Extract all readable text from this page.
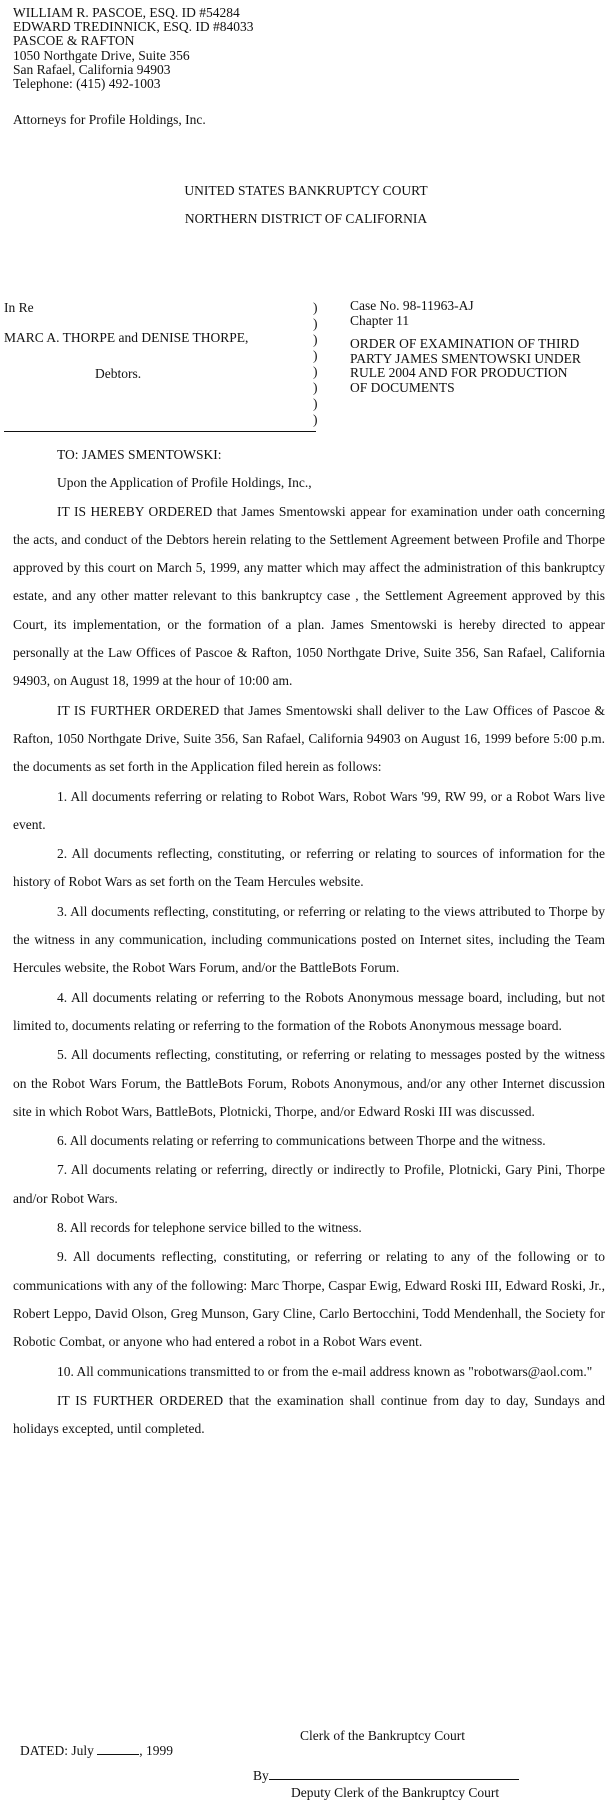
WILLIAM R. PASCOE, ESQ. ID #54284
EDWARD TREDINNICK, ESQ. ID #84033
PASCOE & RAFTON
1050 Northgate Drive, Suite 356
San Rafael, California 94903
Telephone: (415) 492-1003
Attorneys for Profile Holdings, Inc.
UNITED STATES BANKRUPTCY COURT
NORTHERN DISTRICT OF CALIFORNIA
In Re
MARC A. THORPE and DENISE THORPE,
Debtors.
)
)
)
)
)
)
)
)
Case No. 98-11963-AJ
Chapter 11
ORDER OF EXAMINATION OF THIRD
PARTY JAMES SMENTOWSKI UNDER
RULE 2004 AND FOR PRODUCTION
OF DOCUMENTS

TO: JAMES SMENTOWSKI:

Upon the Application of Profile Holdings, Inc.,

IT IS HEREBY ORDERED that James Smentowski appear for examination under oath concerning the acts, and conduct of the Debtors herein relating to the Settlement Agreement between Profile and Thorpe approved by this court on March 5, 1999, any matter which may affect the administration of this bankruptcy estate, and any other matter relevant to this bankruptcy case , the Settlement Agreement approved by this Court, its implementation, or the formation of a plan. James Smentowski is hereby directed to appear personally at the Law Offices of Pascoe & Rafton, 1050 Northgate Drive, Suite 356, San Rafael, California 94903, on August 18, 1999 at the hour of 10:00 am.

IT IS FURTHER ORDERED that James Smentowski shall deliver to the Law Offices of Pascoe & Rafton, 1050 Northgate Drive, Suite 356, San Rafael, California 94903 on August 16, 1999 before 5:00 p.m. the documents as set forth in the Application filed herein as follows:

1. All documents referring or relating to Robot Wars, Robot Wars '99, RW 99, or a Robot Wars live event.

2. All documents reflecting, constituting, or referring or relating to sources of information for the history of Robot Wars as set forth on the Team Hercules website.

3. All documents reflecting, constituting, or referring or relating to the views attributed to Thorpe by the witness in any communication, including communications posted on Internet sites, including the Team Hercules website, the Robot Wars Forum, and/or the BattleBots Forum.

4. All documents relating or referring to the Robots Anonymous message board, including, but not limited to, documents relating or referring to the formation of the Robots Anonymous message board.

5. All documents reflecting, constituting, or referring or relating to messages posted by the witness on the Robot Wars Forum, the BattleBots Forum, Robots Anonymous, and/or any other Internet discussion site in which Robot Wars, BattleBots, Plotnicki, Thorpe, and/or Edward Roski III was discussed.

6. All documents relating or referring to communications between Thorpe and the witness.

7. All documents relating or referring, directly or indirectly to Profile, Plotnicki, Gary Pini, Thorpe and/or Robot Wars.

8. All records for telephone service billed to the witness.

9. All documents reflecting, constituting, or referring or relating to any of the following or to communications with any of the following: Marc Thorpe, Caspar Ewig, Edward Roski III, Edward Roski, Jr., Robert Leppo, David Olson, Greg Munson, Gary Cline, Carlo Bertocchini, Todd Mendenhall, the Society for Robotic Combat, or anyone who had entered a robot in a Robot Wars event.

10. All communications transmitted to or from the e-mail address known as "robotwars@aol.com."

IT IS FURTHER ORDERED that the examination shall continue from day to day, Sundays and holidays excepted, until completed.

Clerk of the Bankruptcy Court
DATED: July	, 1999
By
Deputy Clerk of the Bankruptcy Court
